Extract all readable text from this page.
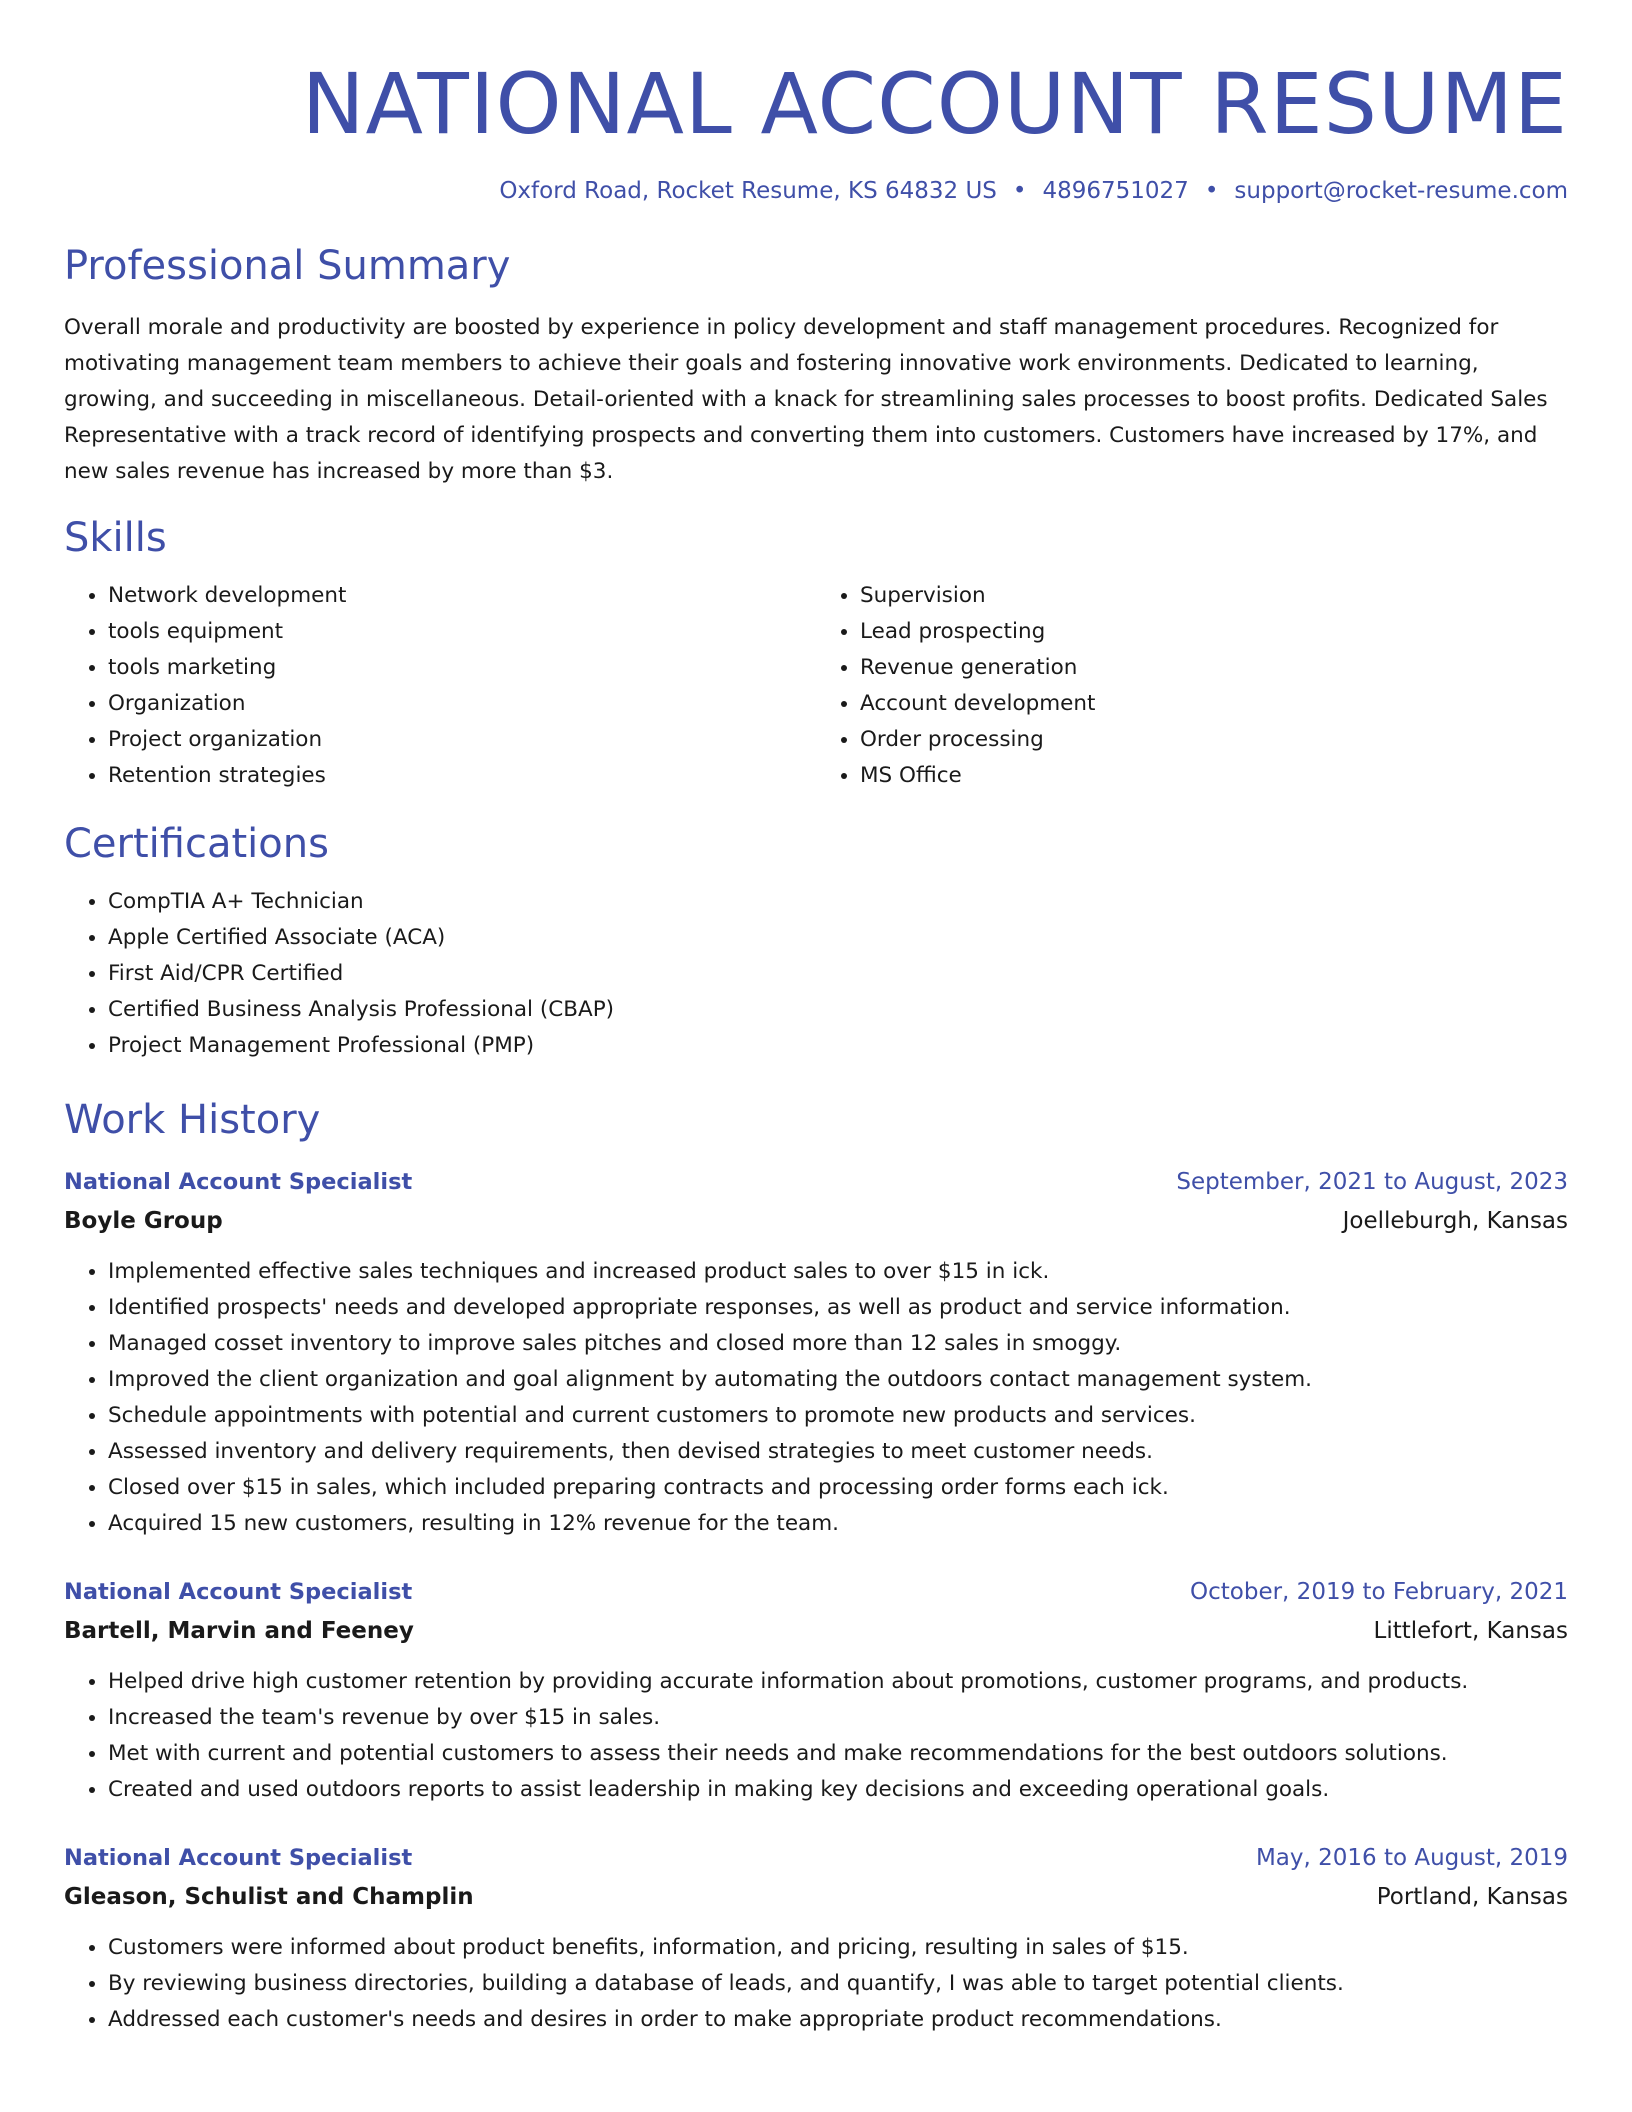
NATIONAL ACCOUNT RESUME
Oxford Road, Rocket Resume, KS 64832 US • 4896751027 • support@rocket-resume.com
Professional Summary

Overall morale and productivity are boosted by experience in policy development and staff management procedures. Recognized for motivating management team members to achieve their goals and fostering innovative work environments. Dedicated to learning, growing, and succeeding in miscellaneous. Detail-oriented with a knack for streamlining sales processes to boost profits. Dedicated Sales Representative with a track record of identifying prospects and converting them into customers. Customers have increased by 17%, and new sales revenue has increased by more than $3.

Skills
• Network development
• tools equipment
• tools marketing
• Organization
• Project organization
• Retention strategies
• Supervision
• Lead prospecting
• Revenue generation
• Account development
• Order processing
• MS Office
Certifications
• CompTIA A+ Technician
• Apple Certified Associate (ACA)
• First Aid/CPR Certified
• Certified Business Analysis Professional (CBAP)
• Project Management Professional (PMP)
Work History
National Account Specialist	September, 2021 to August, 2023
Boyle Group	Joelleburgh, Kansas
• Implemented effective sales techniques and increased product sales to over $15 in ick.
• Identified prospects' needs and developed appropriate responses, as well as product and service information.
• Managed cosset inventory to improve sales pitches and closed more than 12 sales in smoggy.
• Improved the client organization and goal alignment by automating the outdoors contact management system.
• Schedule appointments with potential and current customers to promote new products and services.
• Assessed inventory and delivery requirements, then devised strategies to meet customer needs.
• Closed over $15 in sales, which included preparing contracts and processing order forms each ick.
• Acquired 15 new customers, resulting in 12% revenue for the team.
National Account Specialist	October, 2019 to February, 2021
Bartell, Marvin and Feeney	Littlefort, Kansas
• Helped drive high customer retention by providing accurate information about promotions, customer programs, and products.
• Increased the team's revenue by over $15 in sales.
• Met with current and potential customers to assess their needs and make recommendations for the best outdoors solutions.
• Created and used outdoors reports to assist leadership in making key decisions and exceeding operational goals.
National Account Specialist	May, 2016 to August, 2019
Gleason, Schulist and Champlin	Portland, Kansas
• Customers were informed about product benefits, information, and pricing, resulting in sales of $15.
• By reviewing business directories, building a database of leads, and quantify, I was able to target potential clients.
• Addressed each customer's needs and desires in order to make appropriate product recommendations.
